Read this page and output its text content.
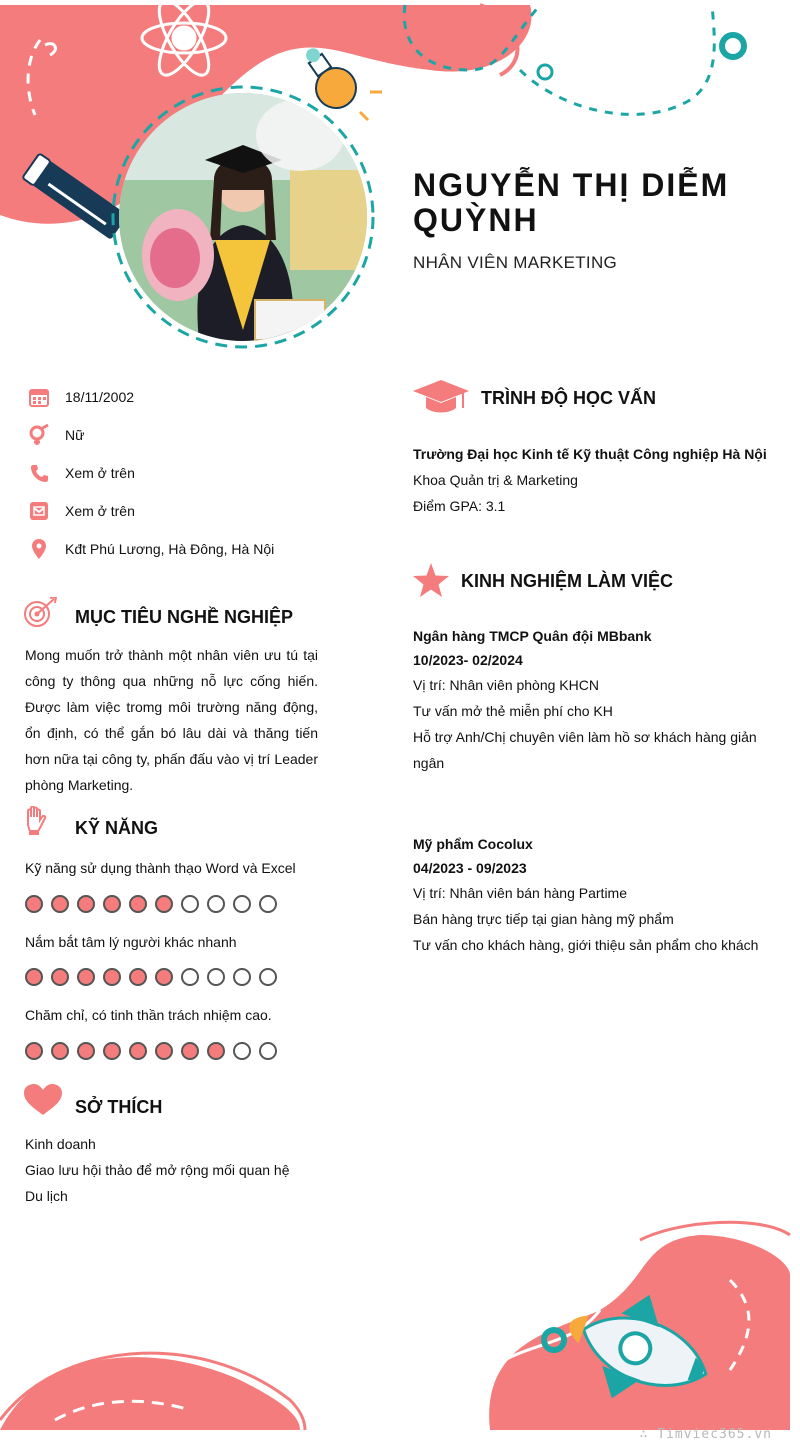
NGUYỄN THỊ DIỄM QUỲNH
NHÂN VIÊN MARKETING
18/11/2002
Nữ
Xem ở trên
Xem ở trên
Kđt Phú Lương, Hà Đông, Hà Nội
MỤC TIÊU NGHỀ NGHIỆP

Mong muốn trở thành một nhân viên ưu tú tại công ty thông qua những nỗ lực cống hiến. Được làm việc tromg môi trường năng động, ổn định, có thể gắn bó lâu dài và thăng tiến hơn nữa tại công ty, phấn đấu vào vị trí Leader phòng Marketing.

KỸ NĂNG
Kỹ năng sử dụng thành thạo Word và Excel
Nắm bắt tâm lý người khác nhanh
Chăm chỉ, có tinh thần trách nhiệm cao.
SỞ THÍCH
Kinh doanh
Giao lưu hội thảo để mở rộng mối quan hệ
Du lịch
TRÌNH ĐỘ HỌC VẤN
Trường Đại học Kinh tế Kỹ thuật Công nghiệp Hà Nội
Khoa Quản trị & Marketing
Điểm GPA: 3.1
KINH NGHIỆM LÀM VIỆC
Ngân hàng TMCP Quân đội MBbank
10/2023- 02/2024
Vị trí: Nhân viên phòng KHCN
Tư vấn mở thẻ miễn phí cho KH
Hỗ trợ Anh/Chị chuyên viên làm hồ sơ khách hàng giản ngân
Mỹ phẩm Cocolux
04/2023 - 09/2023
Vị trí: Nhân viên bán hàng Partime
Bán hàng trực tiếp tại gian hàng mỹ phẩm
Tư vấn cho khách hàng, giới thiệu sản phẩm cho khách
∴ Timviec365.vn
